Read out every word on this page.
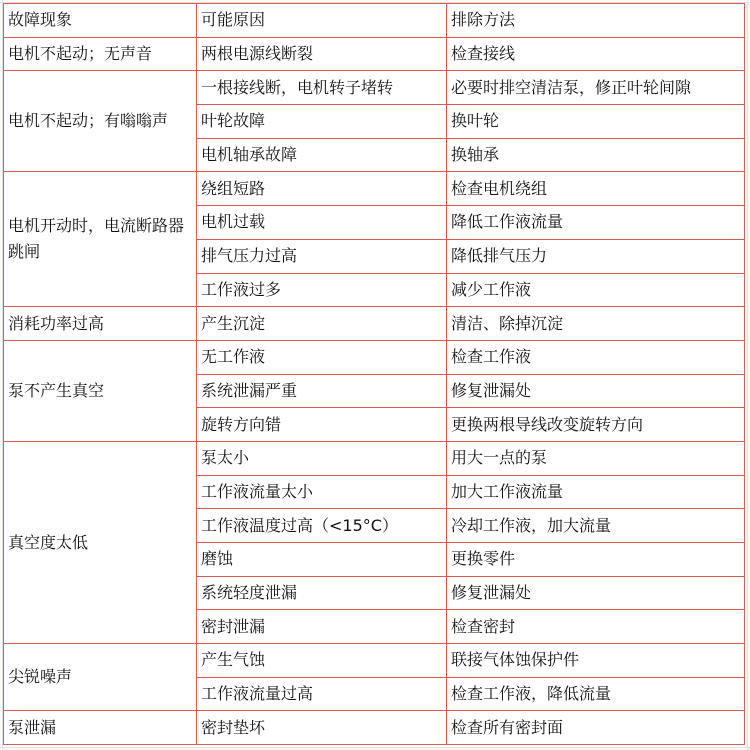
故障现象	可能原因	排除方法
电机不起动；无声音	两根电源线断裂	检查接线
电机不起动；有嗡嗡声	一根接线断，电机转子堵转	必要时排空清洁泵，修正叶轮间隙
	叶轮故障	换叶轮
	电机轴承故障	换轴承
电机开动时，电流断路器跳闸	绕组短路	检查电机绕组
	电机过载	降低工作液流量
	排气压力过高	降低排气压力
	工作液过多	减少工作液
消耗功率过高	产生沉淀	清洁、除掉沉淀
泵不产生真空	无工作液	检查工作液
	系统泄漏严重	修复泄漏处
	旋转方向错	更换两根导线改变旋转方向
真空度太低	泵太小	用大一点的泵
	工作液流量太小	加大工作液流量
	工作液温度过高（<15°C）	冷却工作液，加大流量
	磨蚀	更换零件
	系统轻度泄漏	修复泄漏处
	密封泄漏	检查密封
尖锐噪声	产生气蚀	联接气体蚀保护件
	工作液流量过高	检查工作液，降低流量
泵泄漏	密封垫坏	检查所有密封面
